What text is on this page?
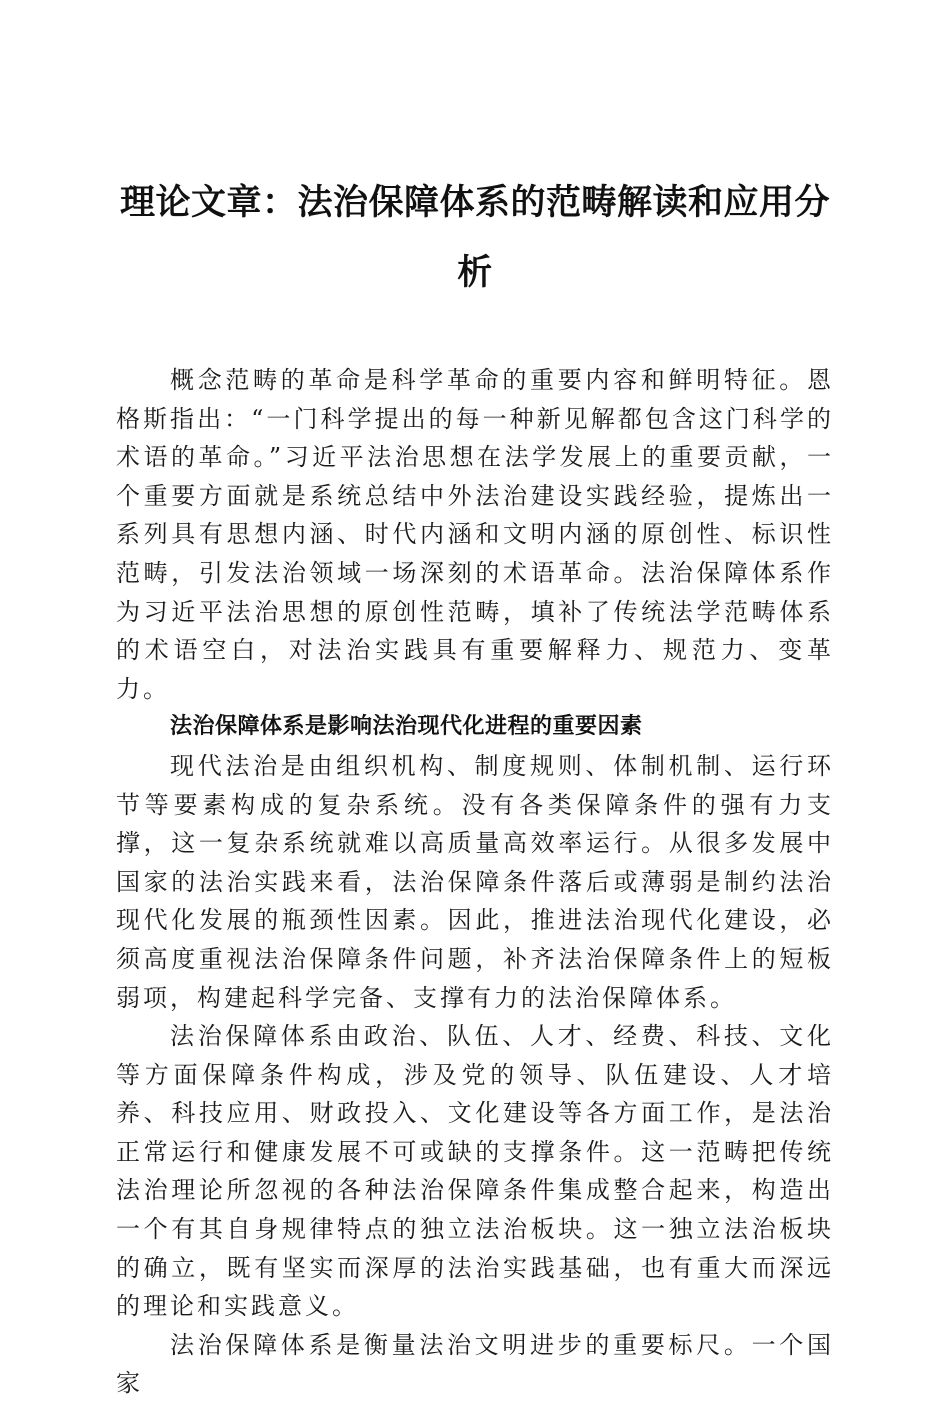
理论文章：法治保障体系的范畴解读和应用分析

概念范畴的革命是科学革命的重要内容和鲜明特征。恩格斯指出：“一门科学提出的每一种新见解都包含这门科学的术语的革命。”习近平法治思想在法学发展上的重要贡献，一个重要方面就是系统总结中外法治建设实践经验，提炼出一系列具有思想内涵、时代内涵和文明内涵的原创性、标识性范畴，引发法治领域一场深刻的术语革命。法治保障体系作为习近平法治思想的原创性范畴，填补了传统法学范畴体系的术语空白，对法治实践具有重要解释力、规范力、变革力。

法治保障体系是影响法治现代化进程的重要因素

现代法治是由组织机构、制度规则、体制机制、运行环节等要素构成的复杂系统。没有各类保障条件的强有力支撑，这一复杂系统就难以高质量高效率运行。从很多发展中国家的法治实践来看，法治保障条件落后或薄弱是制约法治现代化发展的瓶颈性因素。因此，推进法治现代化建设，必须高度重视法治保障条件问题，补齐法治保障条件上的短板弱项，构建起科学完备、支撑有力的法治保障体系。

法治保障体系由政治、队伍、人才、经费、科技、文化等方面保障条件构成，涉及党的领导、队伍建设、人才培养、科技应用、财政投入、文化建设等各方面工作，是法治正常运行和健康发展不可或缺的支撑条件。这一范畴把传统法治理论所忽视的各种法治保障条件集成整合起来，构造出一个有其自身规律特点的独立法治板块。这一独立法治板块的确立，既有坚实而深厚的法治实践基础，也有重大而深远的理论和实践意义。

法治保障体系是衡量法治文明进步的重要标尺。一个国家
